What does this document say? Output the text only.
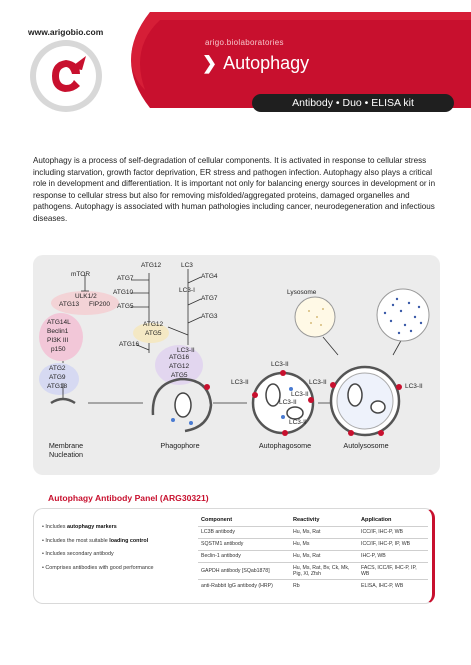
www.arigobio.com
arigo.biolaboratories
❯ Autophagy
Antibody • Duo • ELISA kit
Autophagy is a process of self-degradation of cellular components. It is activated in response to cellular stress including starvation, growth factor deprivation, ER stress and pathogen infection. Autophagy also plays a critical role in development and differentiation. It is important not only for balancing energy sources in development or in response to cellular stress but also for removing misfolded/aggregated proteins, damaged organelles and pathogens. Autophagy is associated with human pathologies including cancer, neurodegeneration and infectious diseases.
mTOR
ULK1/2
ATG13 FIP200
ATG14L
Beclin1
PI3K III
p150
ATG2
ATG9
ATG18
ATG12
ATG7
ATG10
ATG5
ATG12
ATG5
ATG16
ATG16
ATG12
ATG5
LC3
ATG4
LC3-I
ATG7
ATG3
LC3-II
Lysosome
LC3-II
LC3-II
LC3-II
LC3-II
LC3-II
LC3-II
LC3-II
Membrane
Nucleation
Phagophore	Autophagosome	Autolysosome
Autophagy Antibody Panel (ARG30321)
• Includes autophagy markers
• Includes the most suitable loading control
• Includes secondary antibody
• Comprises antibodies with good performance
Component	Reactivity	Application
LC3B antibody	Hu, Ms, Rat	ICC/IF, IHC-P, WB
SQSTM1 antibody	Hu, Ms	ICC/IF, IHC-P, IP, WB
Beclin-1 antibody	Hu, Ms, Rat	IHC-P, WB
GAPDH antibody [SQab1878]	Hu, Ms, Rat, Bv, Ck, Mk, Pig, Xl, Zfsh	FACS, ICC/IF, IHC-P, IP, WB
anti-Rabbit IgG antibody (HRP)	Rb	ELISA, IHC-P, WB
